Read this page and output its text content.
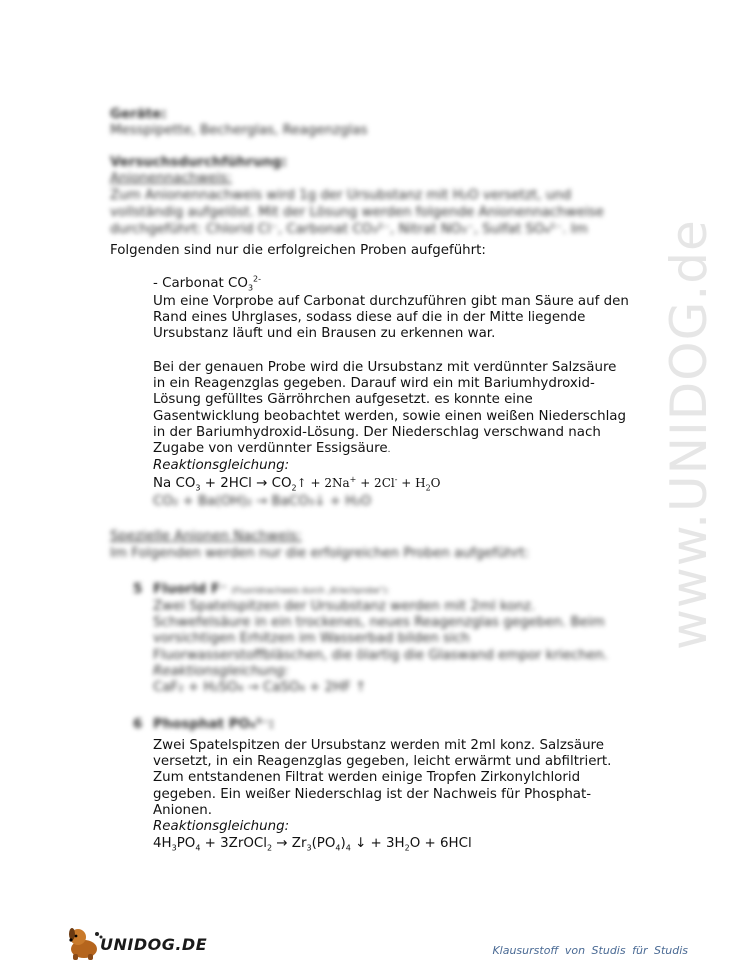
Geräte:
Messpipette, Becherglas, Reagenzglas
Versuchsdurchführung:
Anionennachweis:
Zum Anionennachweis wird 1g der Ursubstanz mit H₂O versetzt, und
vollständig aufgelöst. Mit der Lösung werden folgende Anionennachweise
durchgeführt: Chlorid Cl⁻, Carbonat CO₃²⁻, Nitrat NO₃⁻, Sulfat SO₄²⁻. Im
Folgenden sind nur die erfolgreichen Proben aufgeführt:
- Carbonat $CO_3^{2-}$
Um eine Vorprobe auf Carbonat durchzuführen gibt man Säure auf den
Rand eines Uhrglases, sodass diese auf die in der Mitte liegende
Ursubstanz läuft und ein Brausen zu erkennen war.
Bei der genauen Probe wird die Ursubstanz mit verdünnter Salzsäure
in ein Reagenzglas gegeben. Darauf wird ein mit Bariumhydroxid-
Lösung gefülltes Gärröhrchen aufgesetzt. es konnte eine
Gasentwicklung beobachtet werden, sowie einen weißen Niederschlag
in der Bariumhydroxid-Lösung. Der Niederschlag verschwand nach
Zugabe von verdünnter Essigsäure.
Reaktionsgleichung:
Na $CO_3 + 2HCl$ → $CO_2↑ + 2Na^+ + 2Cl^- + H_2O$
CO₂ + Ba(OH)₂ → BaCO₃↓ + H₂O
Spezielle Anionen Nachweis:
Im Folgenden werden nur die erfolgreichen Proben aufgeführt:
5 Fluorid F⁻ (Fluoridnachweis durch „Kriechprobe“):
Zwei Spatelspitzen der Ursubstanz werden mit 2ml konz.
Schwefelsäure in ein trockenes, neues Reagenzglas gegeben. Beim
vorsichtigen Erhitzen im Wasserbad bilden sich
Fluorwasserstoffbläschen, die ölartig die Glaswand empor kriechen.
Reaktionsgleichung:
CaF₂ + H₂SO₄ → CaSO₄ + 2HF ↑
6 Phosphat PO₄³⁻:
Zwei Spatelspitzen der Ursubstanz werden mit 2ml konz. Salzsäure
versetzt, in ein Reagenzglas gegeben, leicht erwärmt und abfiltriert.
Zum entstandenen Filtrat werden einige Tropfen Zirkonylchlorid
gegeben. Ein weißer Niederschlag ist der Nachweis für Phosphat-
Anionen.
Reaktionsgleichung:
$4H_3PO_4$ + 3ZrOCl$_2$ → $Zr_3(PO_4)_4$ ↓ + $3H_2O + 6HCl$
www.UNIDOG.de
UNIDOG.DE	Klausurstoff von Studis für Studis
